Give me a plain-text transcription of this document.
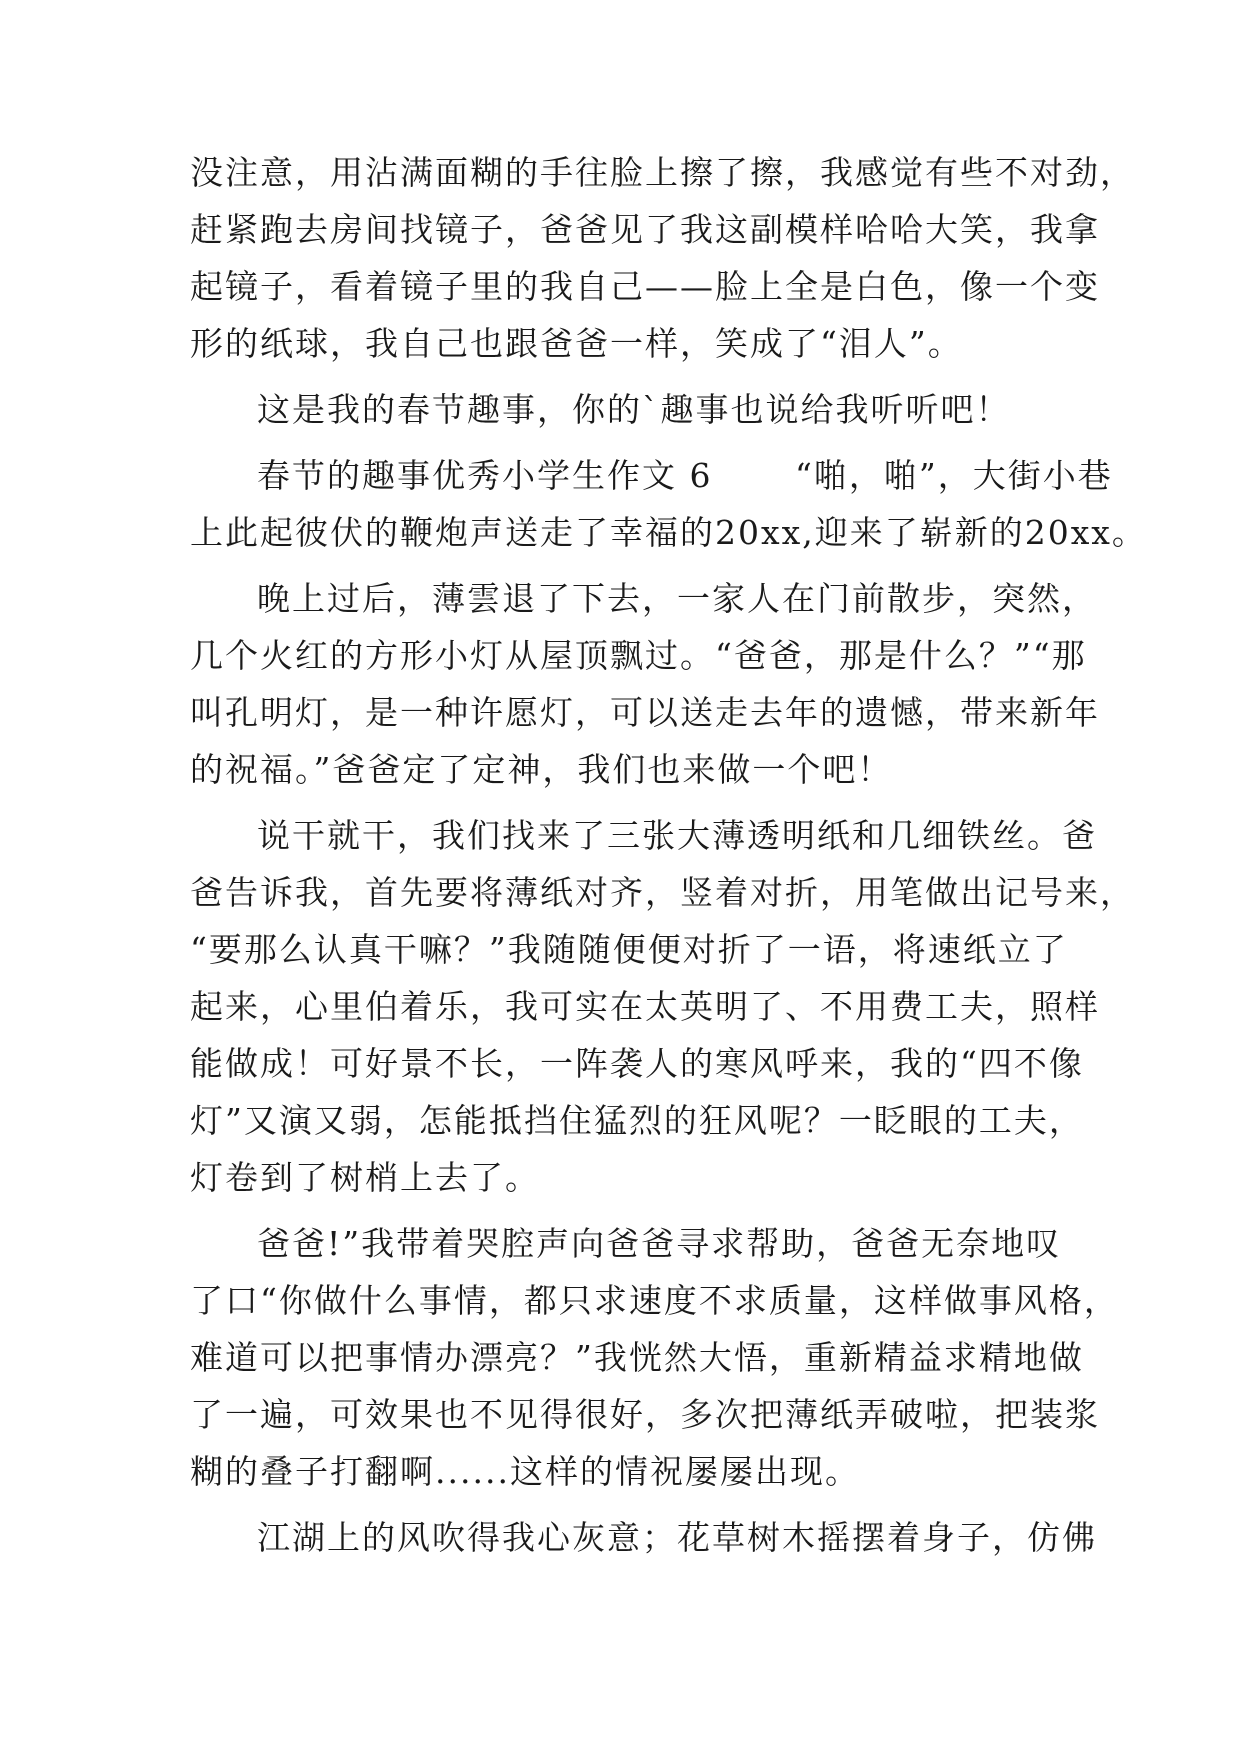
没注意，用沾满面糊的手往脸上擦了擦，我感觉有些不对劲，
赶紧跑去房间找镜子，爸爸见了我这副模样哈哈大笑，我拿
起镜子，看着镜子里的我自己——脸上全是白色，像一个变
形的纸球，我自己也跟爸爸一样，笑成了“泪人”。
这是我的春节趣事，你的`趣事也说给我听听吧！
春节的趣事优秀小学生作文 6　　 “啪，啪”，大街小巷
上此起彼伏的鞭炮声送走了幸福的20xx,迎来了崭新的20xx。
晚上过后，薄雲退了下去，一家人在门前散步，突然，
几个火红的方形小灯从屋顶飘过。“爸爸，那是什么？”“那
叫孔明灯，是一种许愿灯，可以送走去年的遗憾，带来新年
的祝福。”爸爸定了定神，我们也来做一个吧！
说干就干，我们找来了三张大薄透明纸和几细铁丝。爸
爸告诉我，首先要将薄纸对齐，竖着对折，用笔做出记号来，
“要那么认真干嘛？”我随随便便对折了一语，将速纸立了
起来，心里伯着乐，我可实在太英明了、不用费工夫，照样
能做成！可好景不长，一阵袭人的寒风呼来，我的“四不像
灯”又演又弱，怎能抵挡住猛烈的狂风呢？一眨眼的工夫，
灯卷到了树梢上去了。
爸爸!”我带着哭腔声向爸爸寻求帮助，爸爸无奈地叹
了口“你做什么事情，都只求速度不求质量，这样做事风格，
难道可以把事情办漂亮？”我恍然大悟，重新精益求精地做
了一遍，可效果也不见得很好，多次把薄纸弄破啦，把装浆
糊的叠子打翻啊......这样的情祝屡屡出现。
江湖上的风吹得我心灰意；花草树木摇摆着身子，仿佛
